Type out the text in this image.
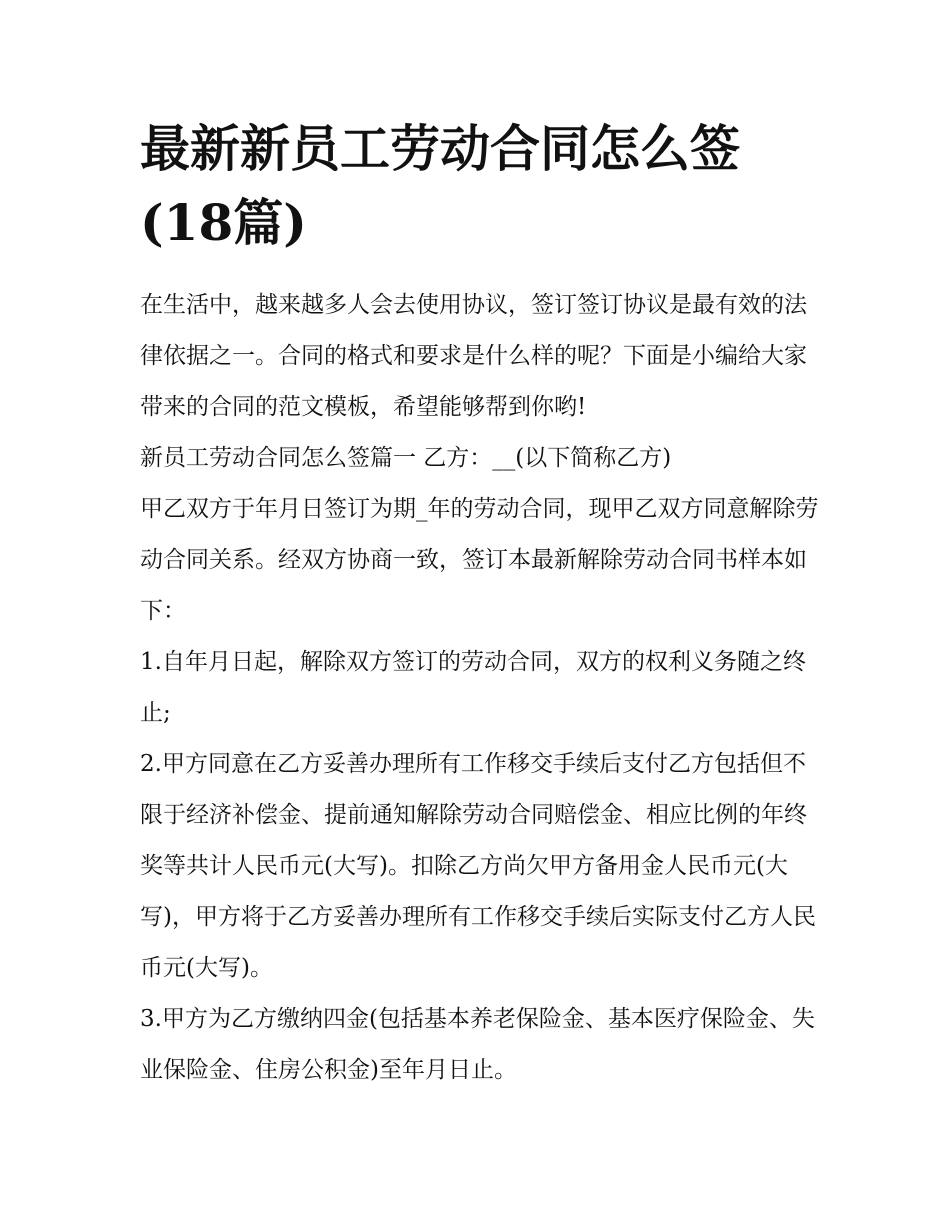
最新新员工劳动合同怎么签(18篇)

在生活中，越来越多人会去使用协议，签订签订协议是最有效的法律依据之一。合同的格式和要求是什么样的呢？下面是小编给大家带来的合同的范文模板，希望能够帮到你哟!

新员工劳动合同怎么签篇一 乙方：__(以下简称乙方)

甲乙双方于年月日签订为期_年的劳动合同，现甲乙双方同意解除劳动合同关系。经双方协商一致，签订本最新解除劳动合同书样本如下：

1.自年月日起，解除双方签订的劳动合同，双方的权利义务随之终止;

2.甲方同意在乙方妥善办理所有工作移交手续后支付乙方包括但不限于经济补偿金、提前通知解除劳动合同赔偿金、相应比例的年终奖等共计人民币元(大写)。扣除乙方尚欠甲方备用金人民币元(大写)，甲方将于乙方妥善办理所有工作移交手续后实际支付乙方人民币元(大写)。

3.甲方为乙方缴纳四金(包括基本养老保险金、基本医疗保险金、失业保险金、住房公积金)至年月日止。
